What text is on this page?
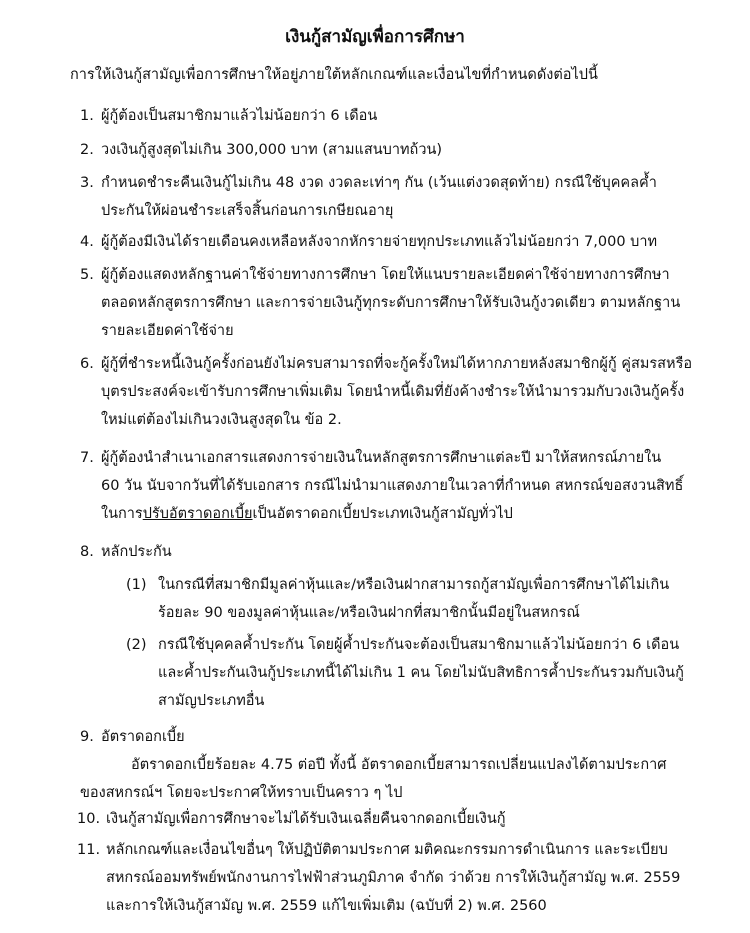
เงินกู้สามัญเพื่อการศึกษา
การให้เงินกู้สามัญเพื่อการศึกษาให้อยู่ภายใต้หลักเกณฑ์และเงื่อนไขที่กำหนดดังต่อไปนี้
1. ผู้กู้ต้องเป็นสมาชิกมาแล้วไม่น้อยกว่า 6 เดือน
2. วงเงินกู้สูงสุดไม่เกิน 300,000 บาท (สามแสนบาทถ้วน)
3. กำหนดชำระคืนเงินกู้ไม่เกิน 48 งวด งวดละเท่าๆ กัน (เว้นแต่งวดสุดท้าย) กรณีใช้บุคคลค้ำ
ประกันให้ผ่อนชำระเสร็จสิ้นก่อนการเกษียณอายุ
4. ผู้กู้ต้องมีเงินได้รายเดือนคงเหลือหลังจากหักรายจ่ายทุกประเภทแล้วไม่น้อยกว่า 7,000 บาท
5. ผู้กู้ต้องแสดงหลักฐานค่าใช้จ่ายทางการศึกษา โดยให้แนบรายละเอียดค่าใช้จ่ายทางการศึกษา
ตลอดหลักสูตรการศึกษา และการจ่ายเงินกู้ทุกระดับการศึกษาให้รับเงินกู้งวดเดียว ตามหลักฐาน
รายละเอียดค่าใช้จ่าย
6. ผู้กู้ที่ชำระหนี้เงินกู้ครั้งก่อนยังไม่ครบสามารถที่จะกู้ครั้งใหม่ได้หากภายหลังสมาชิกผู้กู้ คู่สมรสหรือ
บุตรประสงค์จะเข้ารับการศึกษาเพิ่มเติม โดยนำหนี้เดิมที่ยังค้างชำระให้นำมารวมกับวงเงินกู้ครั้ง
ใหม่แต่ต้องไม่เกินวงเงินสูงสุดใน ข้อ 2.
7. ผู้กู้ต้องนำสำเนาเอกสารแสดงการจ่ายเงินในหลักสูตรการศึกษาแต่ละปี มาให้สหกรณ์ภายใน
60 วัน นับจากวันที่ได้รับเอกสาร กรณีไม่นำมาแสดงภายในเวลาที่กำหนด สหกรณ์ขอสงวนสิทธิ์
ในการปรับอัตราดอกเบี้ยเป็นอัตราดอกเบี้ยประเภทเงินกู้สามัญทั่วไป
8. หลักประกัน
(1) ในกรณีที่สมาชิกมีมูลค่าหุ้นและ/หรือเงินฝากสามารถกู้สามัญเพื่อการศึกษาได้ไม่เกิน
ร้อยละ 90 ของมูลค่าหุ้นและ/หรือเงินฝากที่สมาชิกนั้นมีอยู่ในสหกรณ์
(2) กรณีใช้บุคคลค้ำประกัน โดยผู้ค้ำประกันจะต้องเป็นสมาชิกมาแล้วไม่น้อยกว่า 6 เดือน
และค้ำประกันเงินกู้ประเภทนี้ได้ไม่เกิน 1 คน โดยไม่นับสิทธิการค้ำประกันรวมกับเงินกู้
สามัญประเภทอื่น
9. อัตราดอกเบี้ย
อัตราดอกเบี้ยร้อยละ 4.75 ต่อปี ทั้งนี้ อัตราดอกเบี้ยสามารถเปลี่ยนแปลงได้ตามประกาศ
ของสหกรณ์ฯ โดยจะประกาศให้ทราบเป็นคราว ๆ ไป
10. เงินกู้สามัญเพื่อการศึกษาจะไม่ได้รับเงินเฉลี่ยคืนจากดอกเบี้ยเงินกู้
11. หลักเกณฑ์และเงื่อนไขอื่นๆ ให้ปฏิบัติตามประกาศ มติคณะกรรมการดำเนินการ และระเบียบ
สหกรณ์ออมทรัพย์พนักงานการไฟฟ้าส่วนภูมิภาค จำกัด ว่าด้วย การให้เงินกู้สามัญ พ.ศ. 2559
และการให้เงินกู้สามัญ พ.ศ. 2559 แก้ไขเพิ่มเติม (ฉบับที่ 2) พ.ศ. 2560
